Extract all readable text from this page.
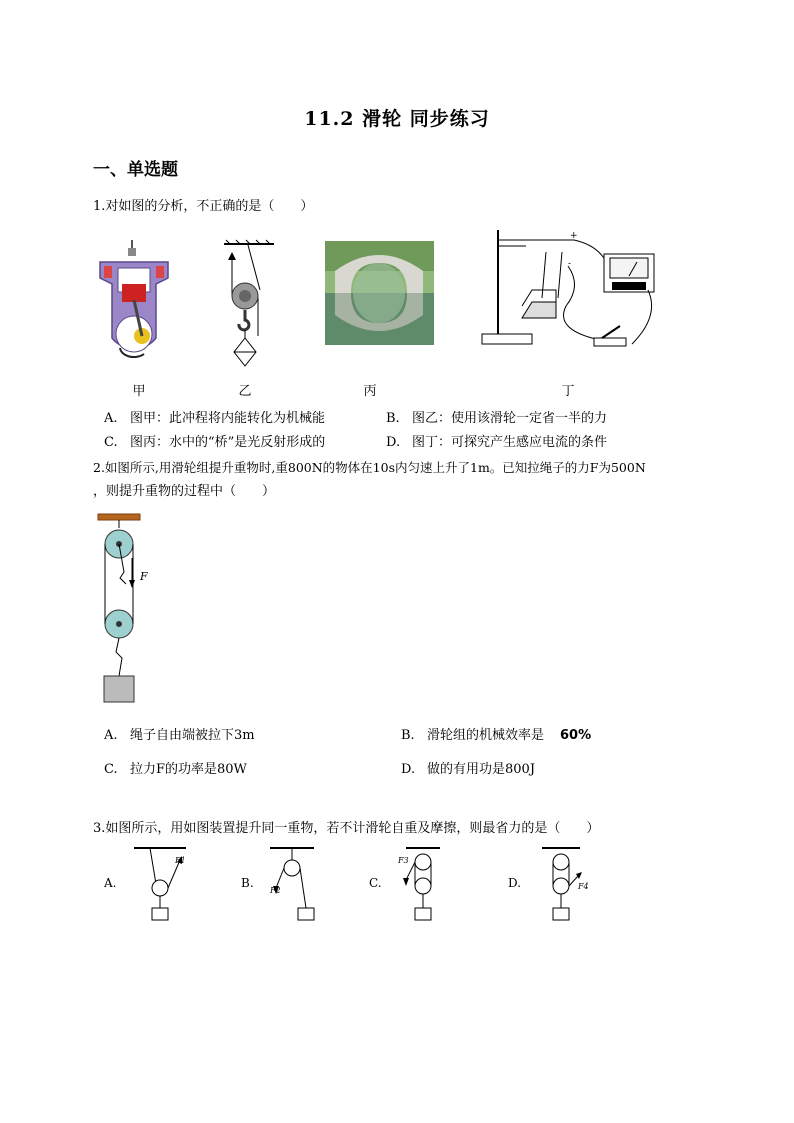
11.2 滑轮 同步练习
一、单选题
1.对如图的分析，不正确的是（　　）
+
-
甲	乙	丙	丁
A. 图甲：此冲程将内能转化为机械能	B. 图乙：使用该滑轮一定省一半的力
C. 图丙：水中的“桥”是光反射形成的	D. 图丁：可探究产生感应电流的条件
2.如图所示,用滑轮组提升重物时,重800N的物体在10s内匀速上升了1m。已知拉绳子的力F为500N
，则提升重物的过程中（　　）
F
A. 绳子自由端被拉下3m	B. 滑轮组的机械效率是 60%
C. 拉力F的功率是80W	D. 做的有用功是800J
3.如图所示，用如图装置提升同一重物，若不计滑轮自重及摩擦，则最省力的是（　　）
A.
F1
B.
F2
C.
F3
D.	F4
